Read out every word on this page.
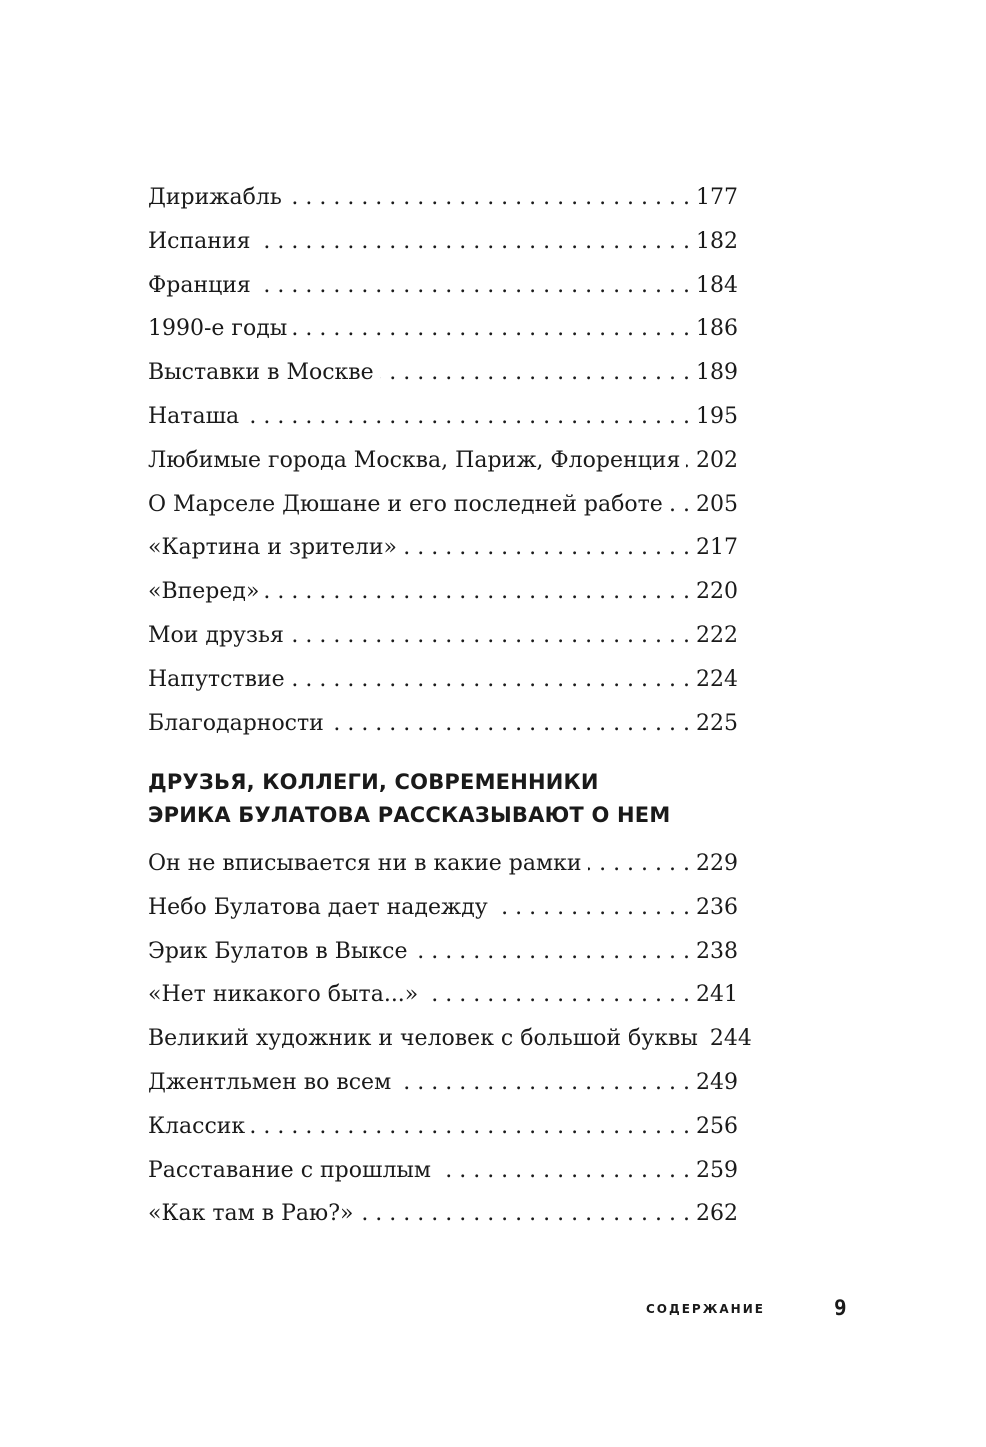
Дирижабль . . .	177
Испания . . .	182
Франция . . .	184
1990-е годы . . .	186
Выставки в Москве . . .	189
Наташа . . .	195
Любимые города Москва, Париж, Флоренция . . . 202
О Марселе Дюшане и его последней работе . . . 205
«Картина и зрители» . . .	217
«Вперед» . . .	220
Мои друзья . . .	222
Напутствие . . .	224
Благодарности . . .	225
ДРУЗЬЯ, КОЛЛЕГИ, СОВРЕМЕННИКИ
ЭРИКА БУЛАТОВА РАССКАЗЫВАЮТ О НЕМ
Он не вписывается ни в какие рамки . . .	229
Небо Булатова дает надежду . . .	236
Эрик Булатов в Выксе . . .	238
«Нет никакого быта...» . . .	241
Великий художник и человек с большой буквы 244
Джентльмен во всем . . .	249
Классик . . .	256
Расставание с прошлым . . .	259
«Как там в Раю?» . . .	262
СОДЕРЖАНИЕ	9
